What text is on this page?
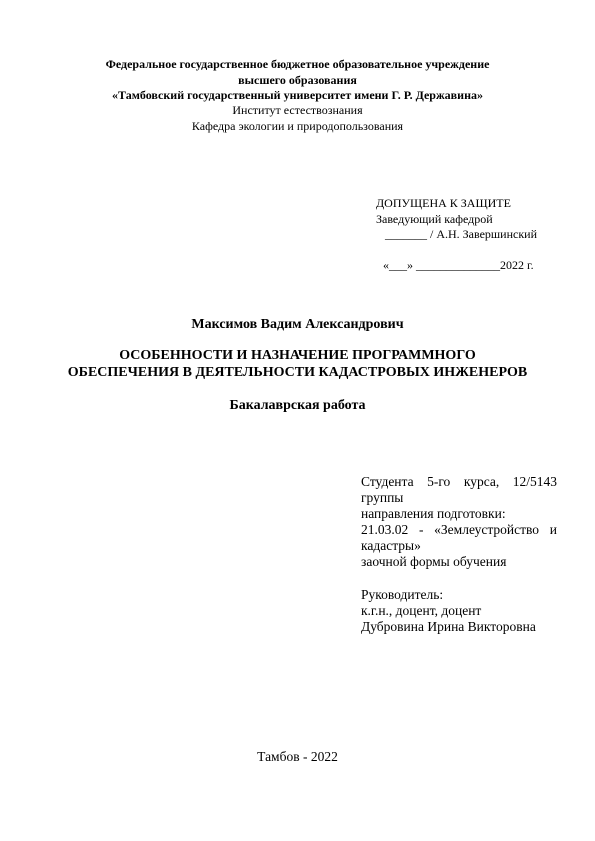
Федеральное государственное бюджетное образовательное учреждение
высшего образования
«Тамбовский государственный университет имени Г. Р. Державина»
Институт естествознания
Кафедра экологии и природопользования
ДОПУЩЕНА К ЗАЩИТЕ
Заведующий кафедрой
_______ / А.Н. Завершинский
«___» ______________2022 г.
Максимов Вадим Александрович
ОСОБЕННОСТИ И НАЗНАЧЕНИЕ ПРОГРАММНОГО
ОБЕСПЕЧЕНИЯ В ДЕЯТЕЛЬНОСТИ КАДАСТРОВЫХ ИНЖЕНЕРОВ
Бакалаврская работа
Студента 5-го курса, 12/5143
группы
направления подготовки:
21.03.02 - «Землеустройство и
кадастры»
заочной формы обучения
Руководитель:
к.г.н., доцент, доцент
Дубровина Ирина Викторовна
Тамбов - 2022
